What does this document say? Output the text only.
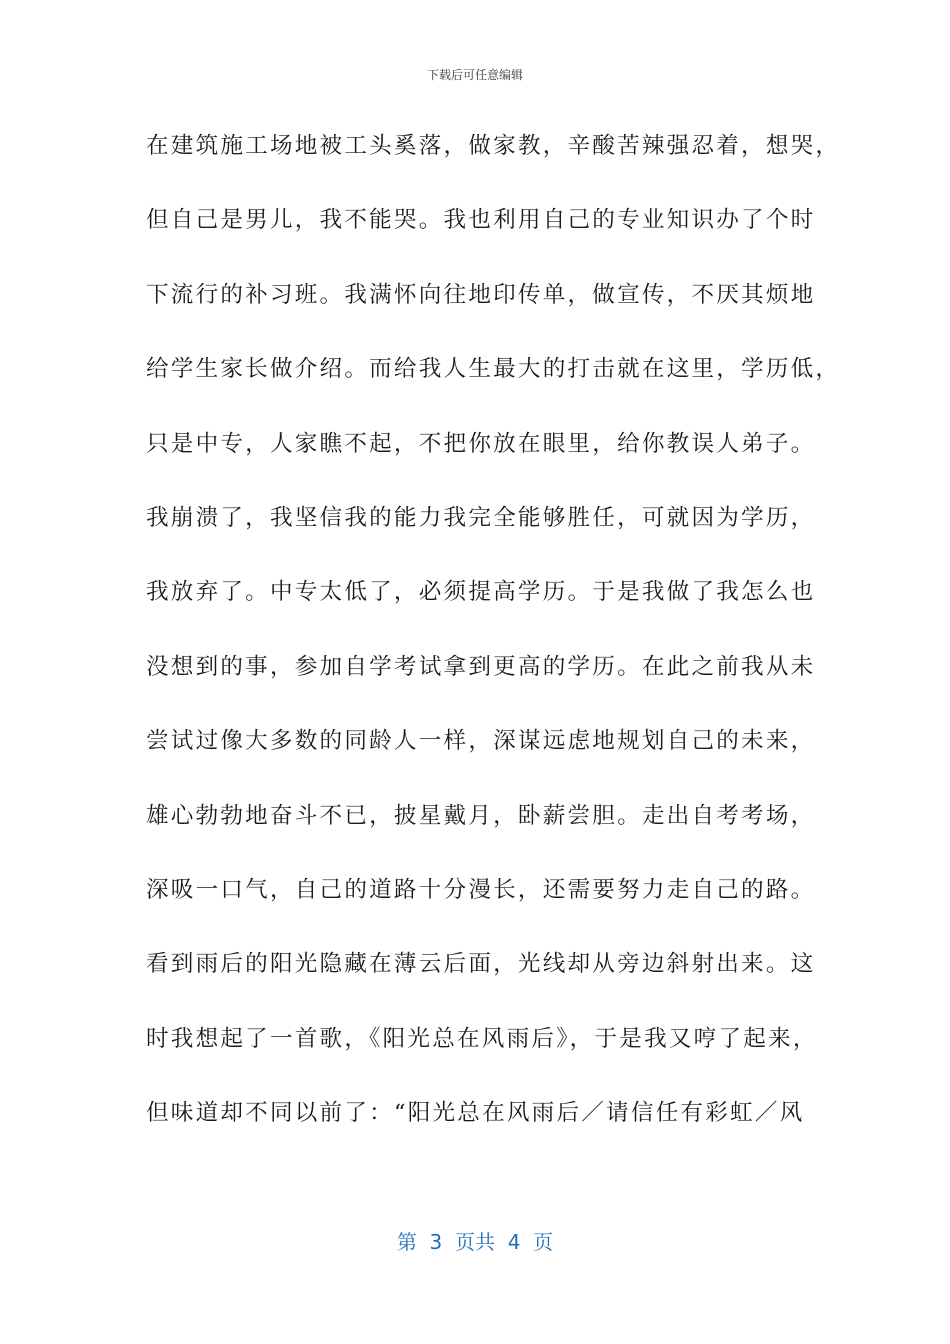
下载后可任意编辑
在建筑施工场地被工头奚落，做家教，辛酸苦辣强忍着，想哭，
但自己是男儿，我不能哭。我也利用自己的专业知识办了个时
下流行的补习班。我满怀向往地印传单，做宣传，不厌其烦地
给学生家长做介绍。而给我人生最大的打击就在这里，学历低，
只是中专，人家瞧不起，不把你放在眼里，给你教误人弟子。
我崩溃了，我坚信我的能力我完全能够胜任，可就因为学历，
我放弃了。中专太低了，必须提高学历。于是我做了我怎么也
没想到的事，参加自学考试拿到更高的学历。在此之前我从未
尝试过像大多数的同龄人一样，深谋远虑地规划自己的未来，
雄心勃勃地奋斗不已，披星戴月，卧薪尝胆。走出自考考场，
深吸一口气，自己的道路十分漫长，还需要努力走自己的路。
看到雨后的阳光隐藏在薄云后面，光线却从旁边斜射出来。这
时我想起了一首歌，《阳光总在风雨后》，于是我又哼了起来，
但味道却不同以前了：“阳光总在风雨后／请信任有彩虹／风
第  3  页共  4  页
